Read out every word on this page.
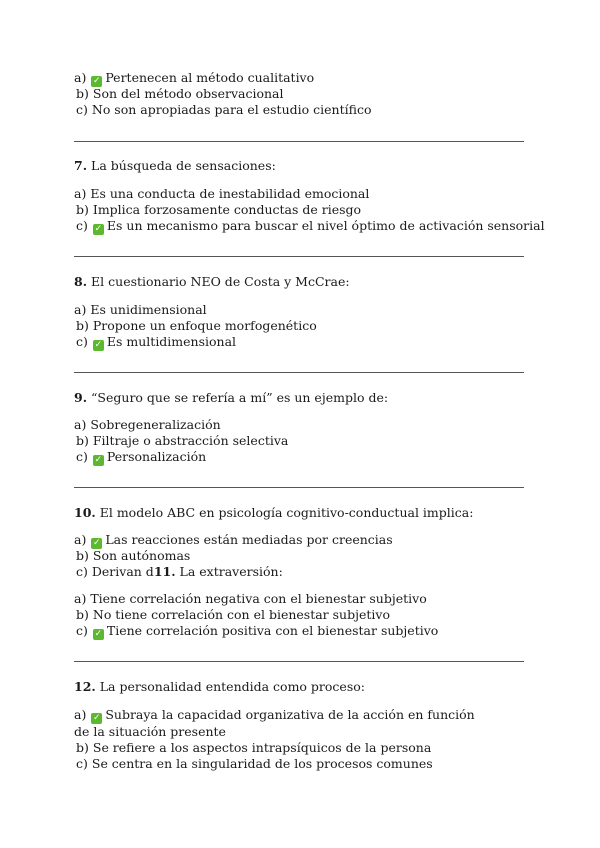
a) ✓ Pertenecen al método cualitativo
b) Son del método observacional
c) No son apropiadas para el estudio científico
7. La búsqueda de sensaciones:
a) Es una conducta de inestabilidad emocional
b) Implica forzosamente conductas de riesgo
c) ✓ Es un mecanismo para buscar el nivel óptimo de activación sensorial
8. El cuestionario NEO de Costa y McCrae:
a) Es unidimensional
b) Propone un enfoque morfogenético
c) ✓ Es multidimensional
9. “Seguro que se refería a mí” es un ejemplo de:
a) Sobregeneralización
b) Filtraje o abstracción selectiva
c) ✓ Personalización
10. El modelo ABC en psicología cognitivo-conductual implica:
a) ✓ Las reacciones están mediadas por creencias
b) Son autónomas
c) Derivan d11. La extraversión:
a) Tiene correlación negativa con el bienestar subjetivo
b) No tiene correlación con el bienestar subjetivo
c) ✓ Tiene correlación positiva con el bienestar subjetivo
12. La personalidad entendida como proceso:
a) ✓ Subraya la capacidad organizativa de la acción en función de la situación presente
b) Se refiere a los aspectos intrapsíquicos de la persona
c) Se centra en la singularidad de los procesos comunes
